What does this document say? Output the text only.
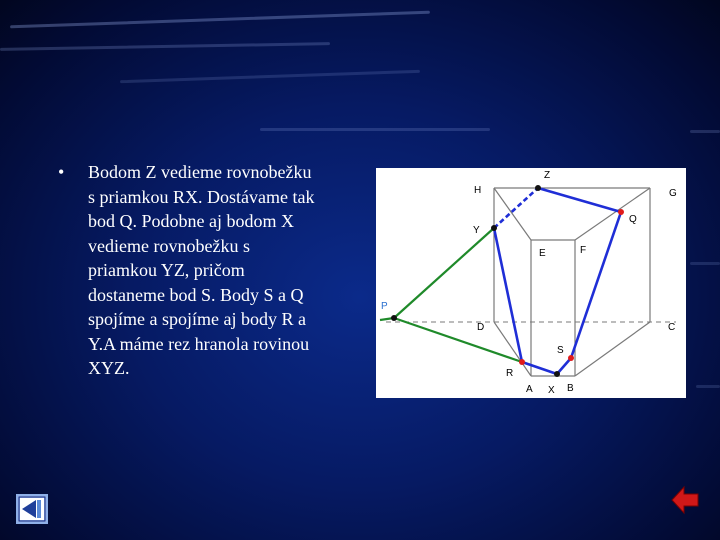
• Bodom Z vedieme rovnobežku
s priamkou RX. Dostávame tak
bod Q. Podobne aj bodom X
vedieme rovnobežku s
priamkou YZ, pričom
dostaneme bod S. Body S a Q
spojíme a spojíme aj body R a
Y.A máme rez hranola rovinou
XYZ.
Z
H	G
Y
Q
E	F
P
D	C
S
R
A X B
